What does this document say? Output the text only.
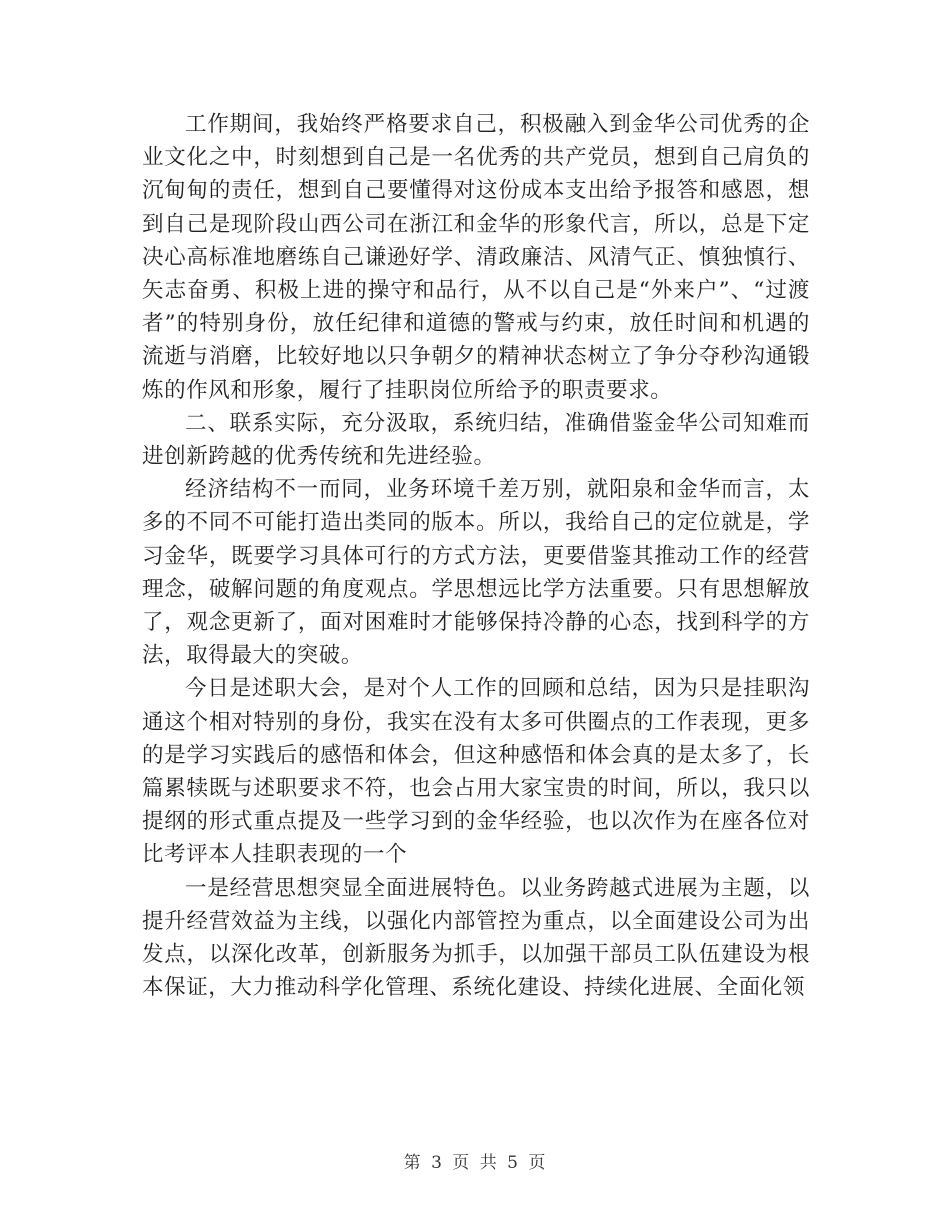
工作期间，我始终严格要求自己，积极融入到金华公司优秀的企业文化之中，时刻想到自己是一名优秀的共产党员，想到自己肩负的沉甸甸的责任，想到自己要懂得对这份成本支出给予报答和感恩，想到自己是现阶段山西公司在浙江和金华的形象代言，所以，总是下定决心高标准地磨练自己谦逊好学、清政廉洁、风清气正、慎独慎行、矢志奋勇、积极上进的操守和品行，从不以自己是“外来户”、“过渡者”的特别身份，放任纪律和道德的警戒与约束，放任时间和机遇的流逝与消磨，比较好地以只争朝夕的精神状态树立了争分夺秒沟通锻炼的作风和形象，履行了挂职岗位所给予的职责要求。

二、联系实际，充分汲取，系统归结，准确借鉴金华公司知难而进创新跨越的优秀传统和先进经验。

经济结构不一而同，业务环境千差万别，就阳泉和金华而言，太多的不同不可能打造出类同的版本。所以，我给自己的定位就是，学习金华，既要学习具体可行的方式方法，更要借鉴其推动工作的经营理念，破解问题的角度观点。学思想远比学方法重要。只有思想解放了，观念更新了，面对困难时才能够保持冷静的心态，找到科学的方法，取得最大的突破。

今日是述职大会，是对个人工作的回顾和总结，因为只是挂职沟通这个相对特别的身份，我实在没有太多可供圈点的工作表现，更多的是学习实践后的感悟和体会，但这种感悟和体会真的是太多了，长篇累犊既与述职要求不符，也会占用大家宝贵的时间，所以，我只以提纲的形式重点提及一些学习到的金华经验，也以次作为在座各位对比考评本人挂职表现的一个

一是经营思想突显全面进展特色。以业务跨越式进展为主题，以提升经营效益为主线，以强化内部管控为重点，以全面建设公司为出发点，以深化改革，创新服务为抓手，以加强干部员工队伍建设为根本保证，大力推动科学化管理、系统化建设、持续化进展、全面化领

第 3 页 共 5 页
